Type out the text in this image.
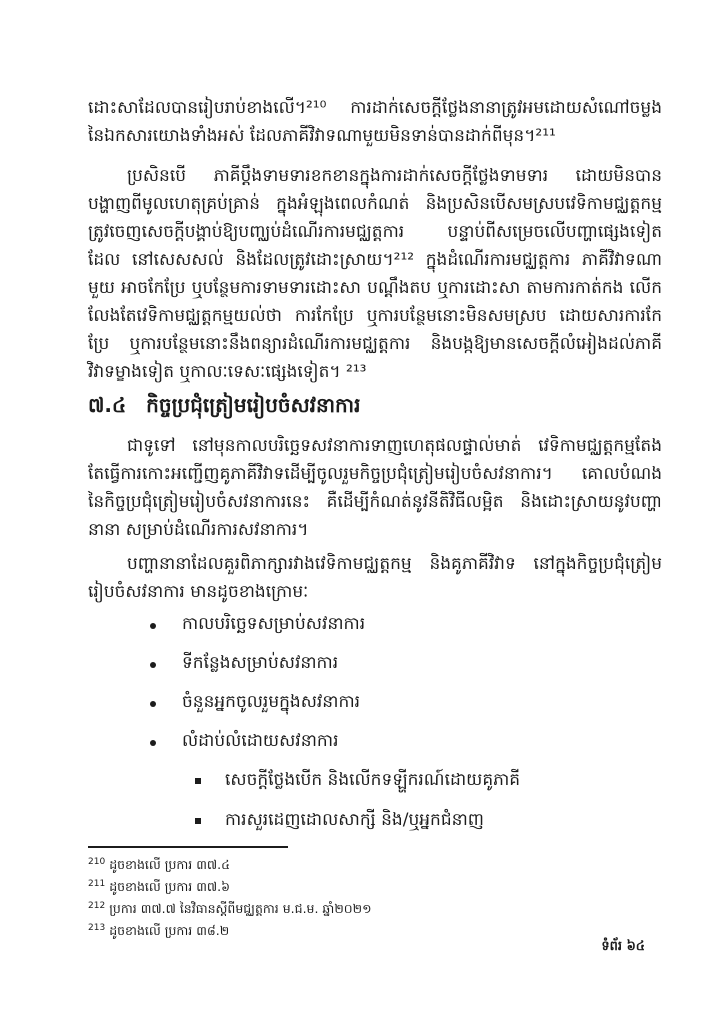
ដោះសាដែលបានរៀបរាប់ខាងលើ។²¹⁰ ការដាក់សេចក្តីថ្លែងនានាត្រូវអមដោយសំណៅចម្លង
នៃឯកសារយោងទាំងអស់ ដែលភាគីវិវាទណាមួយមិនទាន់បានដាក់ពីមុន។²¹¹
ប្រសិនបើ ភាគីប្តឹងទាមទារខកខានក្នុងការដាក់សេចក្តីថ្លែងទាមទារ ដោយមិនបាន
បង្ហាញពីមូលហេតុគ្រប់គ្រាន់ ក្នុងអំឡុងពេលកំណត់ និងប្រសិនបើសមស្របវេទិកាមជ្ឈត្តកម្ម
ត្រូវចេញសេចក្តីបង្គាប់ឱ្យបញ្ឈប់ដំណើរការមជ្ឈត្តការ បន្ទាប់ពីសម្រេចលើបញ្ហាផ្សេងទៀត
ដែល នៅសេសសល់ និងដែលត្រូវដោះស្រាយ។²¹² ក្នុងដំណើរការមជ្ឈត្តការ ភាគីវិវាទណា
មួយ អាចកែប្រែ ឬបន្ថែមការទាមទារដោះសា បណ្តឹងតប ឬការដោះសា តាមការកាត់កង លើក
លែងតែវេទិកាមជ្ឈត្តកម្មយល់ថា ការកែប្រែ ឬការបន្ថែមនោះមិនសមស្រប ដោយសារការកែ
ប្រែ ឬការបន្ថែមនោះនឹងពន្យារដំណើរការមជ្ឈត្តការ និងបង្កឱ្យមានសេចក្តីលំអៀងដល់ភាគី
វិវាទម្ខាងទៀត ឬកាលៈទេសៈផ្សេងទៀត។ ²¹³
៧.៤ កិច្ចប្រជុំត្រៀមរៀបចំសវនាការ
ជាទូទៅ នៅមុនកាលបរិច្ឆេទសវនាការទាញហេតុផលផ្ទាល់មាត់ វេទិកាមជ្ឈត្តកម្មតែង
តែធ្វើការកោះអញ្ជើញគូភាគីវិវាទដើម្បីចូលរួមកិច្ចប្រជុំត្រៀមរៀបចំសវនាការ។ គោលបំណង
នៃកិច្ចប្រជុំត្រៀមរៀបចំសវនាការនេះ គឺដើម្បីកំណត់នូវនីតិវិធីលម្អិត និងដោះស្រាយនូវបញ្ហា
នានា សម្រាប់ដំណើរការសវនាការ។
បញ្ហានានាដែលគួរពិភាក្សារវាងវេទិកាមជ្ឈត្តកម្ម និងគូភាគីវិវាទ នៅក្នុងកិច្ចប្រជុំត្រៀម
រៀបចំសវនាការ មានដូចខាងក្រោមៈ
កាលបរិច្ឆេទសម្រាប់សវនាការ
ទីកន្លែងសម្រាប់សវនាការ
ចំនួនអ្នកចូលរួមក្នុងសវនាការ
លំដាប់លំដោយសវនាការ
សេចក្តីថ្លែងបើក និងលើកទឡ្ហីករណ៍ដោយគូភាគី
ការសួរដេញដោលសាក្សី និង/ឬអ្នកជំនាញ
$^{210}$ ដូចខាងលើ ប្រការ ៣៧.៤
$^{211}$ ដូចខាងលើ ប្រការ ៣៧.៦
$^{212}$ ប្រការ ៣៧.៧ នៃវិធានស្តីពីមជ្ឈត្តការ ម.ជ.ម. ឆ្នាំ២០២១
$^{213}$ ដូចខាងលើ ប្រការ ៣៨.២
ទំព័រ ៦៤
